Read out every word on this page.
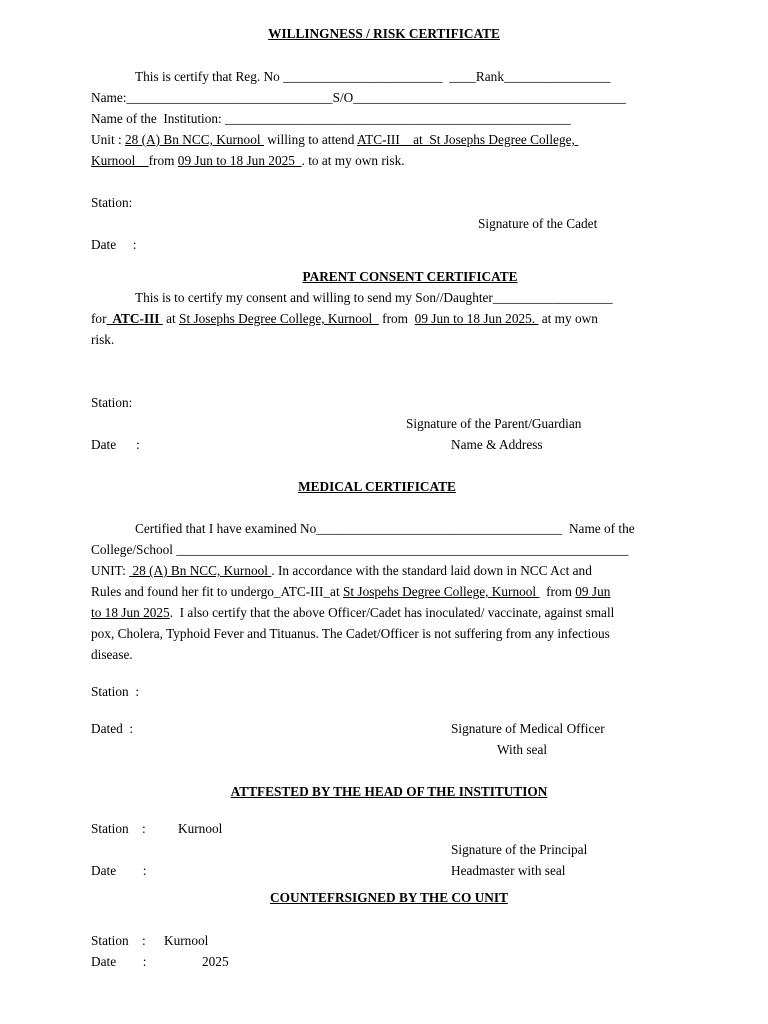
WILLINGNESS / RISK CERTIFICATE
This is certify that Reg. No ________________________  ____Rank________________
Name:_______________________________S/O_________________________________________
Name of the  Institution: ____________________________________________________
Unit : 28 (A) Bn NCC, Kurnool  willing to attend ATC-III    at  St Josephs Degree College,
Kurnool    from 09 Jun to 18 Jun 2025  . to at my own risk.
Station:
Signature of the Cadet
Date     :
PARENT CONSENT CERTIFICATE
This is to certify my consent and willing to send my Son//Daughter__________________
for  ATC-III  at St Josephs Degree College, Kurnool   from  09 Jun to 18 Jun 2025.  at my own
risk.
Station:
Signature of the Parent/Guardian
Date      :	Name & Address
MEDICAL CERTIFICATE
Certified that I have examined No_____________________________________  Name of the
College/School ____________________________________________________________________
UNIT:  28 (A) Bn NCC, Kurnool . In accordance with the standard laid down in NCC Act and
Rules and found her fit to undergo_ATC-III_at St Jospehs Degree College, Kurnool   from 09 Jun
to 18 Jun 2025.  I also certify that the above Officer/Cadet has inoculated/ vaccinate, against small
pox, Cholera, Typhoid Fever and Tituanus. The Cadet/Officer is not suffering from any infectious
disease.
Station  :
Dated  :	Signature of Medical Officer
With seal
ATTFESTED BY THE HEAD OF THE INSTITUTION
Station    : Kurnool
Signature of the Principal
Date        :	Headmaster with seal
COUNTEFRSIGNED BY THE CO UNIT
Station    : Kurnool
Date        :	2025
